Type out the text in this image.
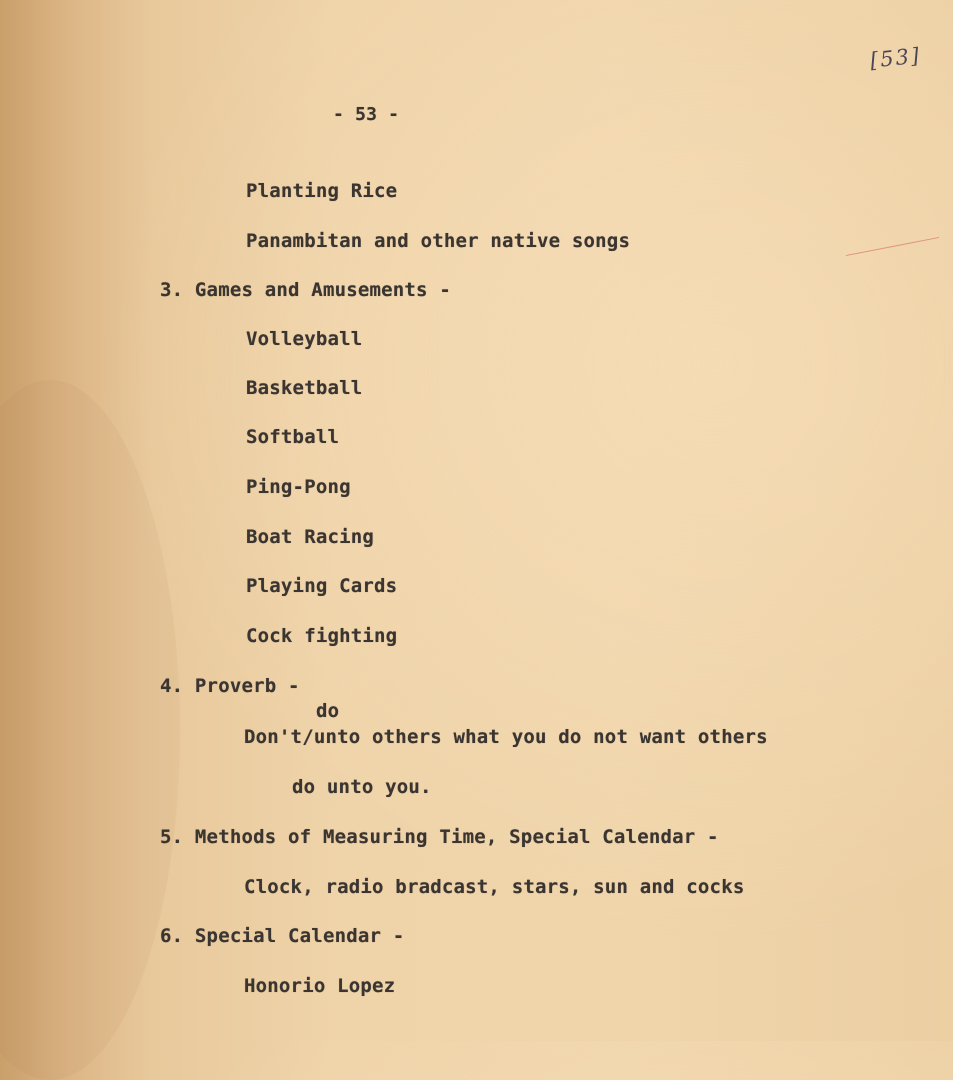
[53]
- 53 -
Planting Rice
Panambitan and other native songs
3. Games and Amusements -
Volleyball
Basketball
Softball
Ping-Pong
Boat Racing
Playing Cards
Cock fighting
4. Proverb -
do
Don't/unto others what you do not want others
do unto you.
5. Methods of Measuring Time, Special Calendar -
Clock, radio bradcast, stars, sun and cocks
6. Special Calendar -
Honorio Lopez
